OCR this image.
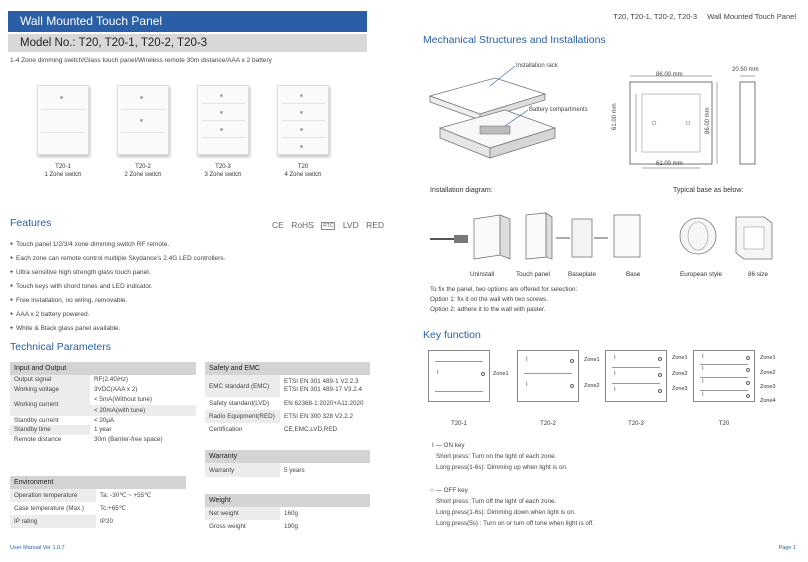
Wall Mounted Touch Panel
Model No.: T20, T20-1, T20-2, T20-3
T20, T20-1, T20-2, T20-3 Wall Mounted Touch Panel
1-4 Zone dimming switch/Glass touch panel/Wireless remote 30m distance/AAA x 2 battery
T20-1
1 Zone switch
T20-2
2 Zone switch
T20-3
3 Zone switch
T20
4 Zone switch
Features	CE RoHS RTC LVD RED
● Touch panel 1/2/3/4 zone dimming switch RF remote.
● Each zone can remote control multiple Skydance's 2.4G LED controllers.
● Ultra sensitive high strength glass touch panel.
● Touch keys with chord tones and LED indicator.
● Free installation, no wiring, removable.
● AAA x 2 battery powered.
● White & Black glass panel available.
Technical Parameters
Input and Output	
Output signal	RF(2.4GHz)
Working voltage	3VDC(AAA x 2)
Working current	< 5mA(Without tune)
	< 20mA(with tune)
Standby current	< 20μA
Standby time	1 year
Remote distance	30m (Barrier-free space)
Environment	
Operation temperature	Ta: -30℃ ~ +55℃
Case temperature (Max.)	Tc:+65℃
IP rating	IP20
Safety and EMC	
EMC standard (EMC)	ETSI EN 301 489-1 V2.2.3
ETSI EN 301 489-17 V3.2.4

Safety standard(LVD)	EN 62368-1:2020+A11:2020
Radio Equipment(RED)	ETSI EN 300 328 V2.2.2
Certification	CE,EMC,LVD,RED
Warranty
Warranty	5 years
Weight	
Net weight	160g
Gross weight	190g
Mechanical Structures and Installations
Installation rack
Battery compartments
86.00 mm
20.50 mm
61.00 mm
61.00 mm	86.00 mm
Installation diagram:	Typical base as below:
Uninstall	Touch panel	Baseplate	Base	European style	86 size
To fix the panel, two options are offered for selection:
Option 1: fix it on the wall with two screws.
Option 2: adhere it to the wall with paster.
Key function
I	Zone1
T20-1
I
I
Zone1
Zone2
T20-2
I
I
I
Zone1
Zone2
Zone3
T20-3
I
I
I
I
Zone1
Zone2
Zone3
Zone4
T20
I — ON key
Short press: Turn on the light of each zone.
Long press(1-6s): Dimming up when light is on.
○ — OFF key
Short press: Turn off the light of each zone.
Long press(1-6s): Dimming down when light is on.
Long press(5s) : Turn on or turn off tone when light is off.
User Manual Ver 1.0.7	Page 1
